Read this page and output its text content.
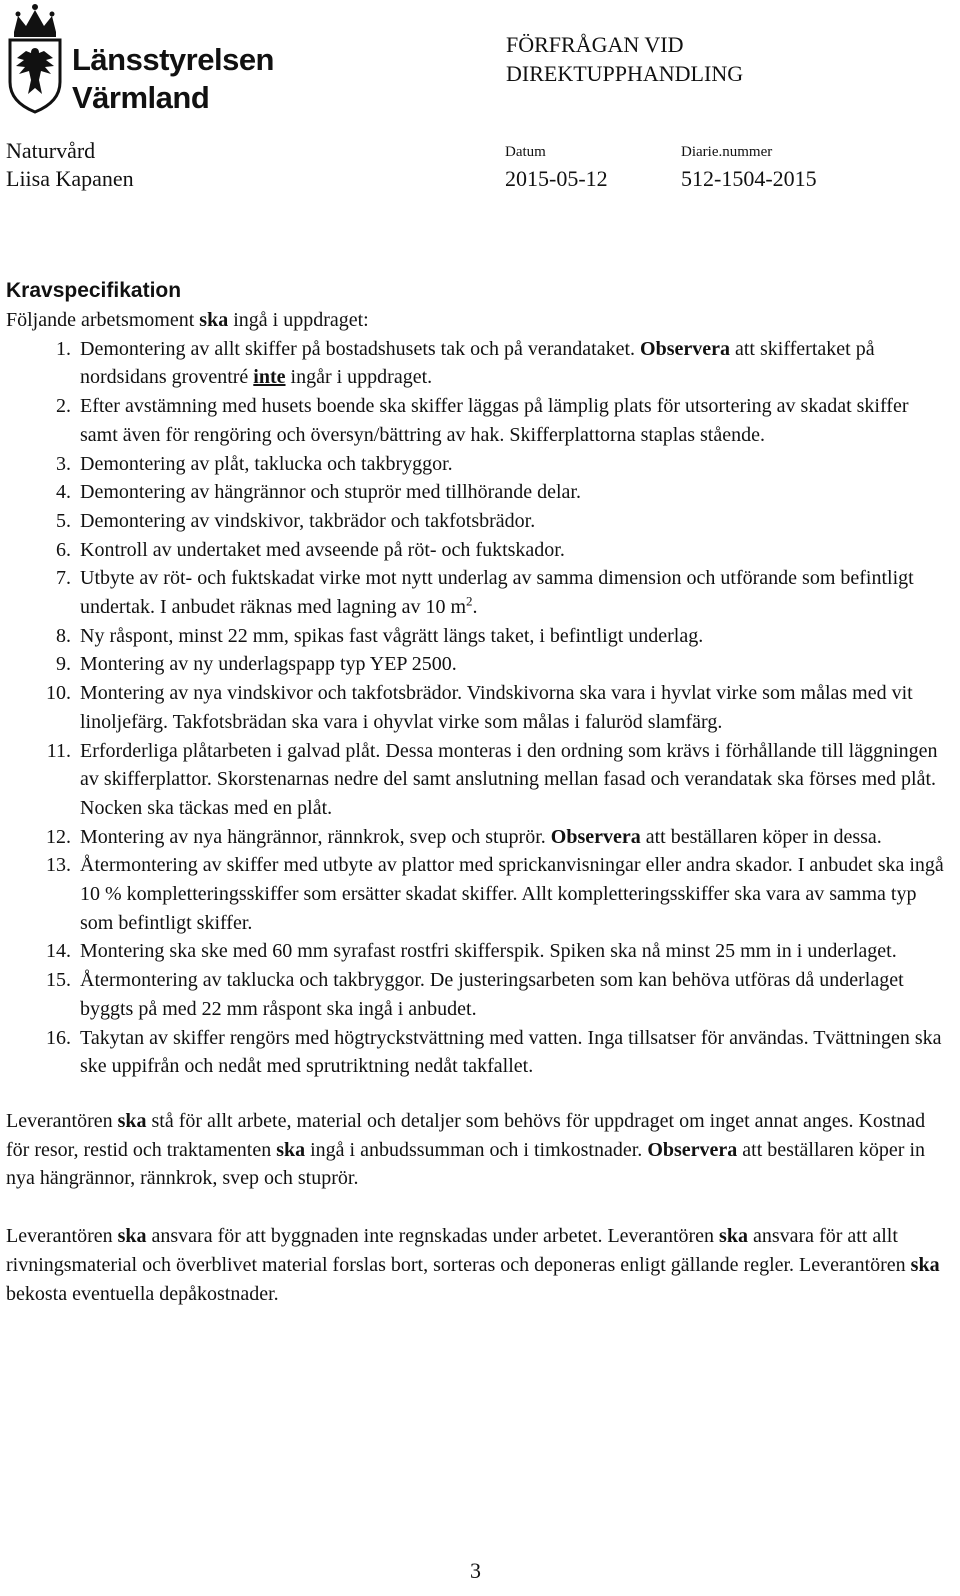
Länsstyrelsen
Värmland
FÖRFRÅGAN VID
DIREKTUPPHANDLING
Naturvård
Liisa Kapanen
Datum
2015-05-12
Diarie.nummer
512-1504-2015
Kravspecifikation

Följande arbetsmoment ska ingå i uppdraget:

1. Demontering av allt skiffer på bostadshusets tak och på verandataket. Observera att skiffertaket på nordsidans groventré inte ingår i uppdraget.
2. Efter avstämning med husets boende ska skiffer läggas på lämplig plats för utsortering av skadat skiffer samt även för rengöring och översyn/bättring av hak. Skifferplattorna staplas stående.
3. Demontering av plåt, taklucka och takbryggor.
4. Demontering av hängrännor och stuprör med tillhörande delar.
5. Demontering av vindskivor, takbrädor och takfotsbrädor.
6. Kontroll av undertaket med avseende på röt- och fuktskador.
7. Utbyte av röt- och fuktskadat virke mot nytt underlag av samma dimension och utförande som befintligt undertak. I anbudet räknas med lagning av 10 $m^2$.
8. Ny råspont, minst 22 mm, spikas fast vågrätt längs taket, i befintligt underlag.
9. Montering av ny underlagspapp typ YEP 2500.
10. Montering av nya vindskivor och takfotsbrädor. Vindskivorna ska vara i hyvlat virke som målas med vit linoljefärg. Takfotsbrädan ska vara i ohyvlat virke som målas i faluröd slamfärg.
11. Erforderliga plåtarbeten i galvad plåt. Dessa monteras i den ordning som krävs i förhållande till läggningen av skifferplattor. Skorstenarnas nedre del samt anslutning mellan fasad och verandatak ska förses med plåt. Nocken ska täckas med en plåt.
12. Montering av nya hängrännor, rännkrok, svep och stuprör. Observera att beställaren köper in dessa.
13. Återmontering av skiffer med utbyte av plattor med sprickanvisningar eller andra skador. I anbudet ska ingå 10 % kompletteringsskiffer som ersätter skadat skiffer. Allt kompletteringsskiffer ska vara av samma typ som befintligt skiffer.
14. Montering ska ske med 60 mm syrafast rostfri skifferspik. Spiken ska nå minst 25 mm in i underlaget.
15. Återmontering av taklucka och takbryggor. De justeringsarbeten som kan behöva utföras då underlaget byggts på med 22 mm råspont ska ingå i anbudet.
16. Takytan av skiffer rengörs med högtryckstvättning med vatten. Inga tillsatser för användas. Tvättningen ska ske uppifrån och nedåt med sprutriktning nedåt takfallet.

Leverantören ska stå för allt arbete, material och detaljer som behövs för uppdraget om inget annat anges. Kostnad för resor, restid och traktamenten ska ingå i anbudssumman och i timkostnader. Observera att beställaren köper in nya hängrännor, rännkrok, svep och stuprör.

Leverantören ska ansvara för att byggnaden inte regnskadas under arbetet. Leverantören ska ansvara för att allt rivningsmaterial och överblivet material forslas bort, sorteras och deponeras enligt gällande regler. Leverantören ska bekosta eventuella depåkostnader.

3
